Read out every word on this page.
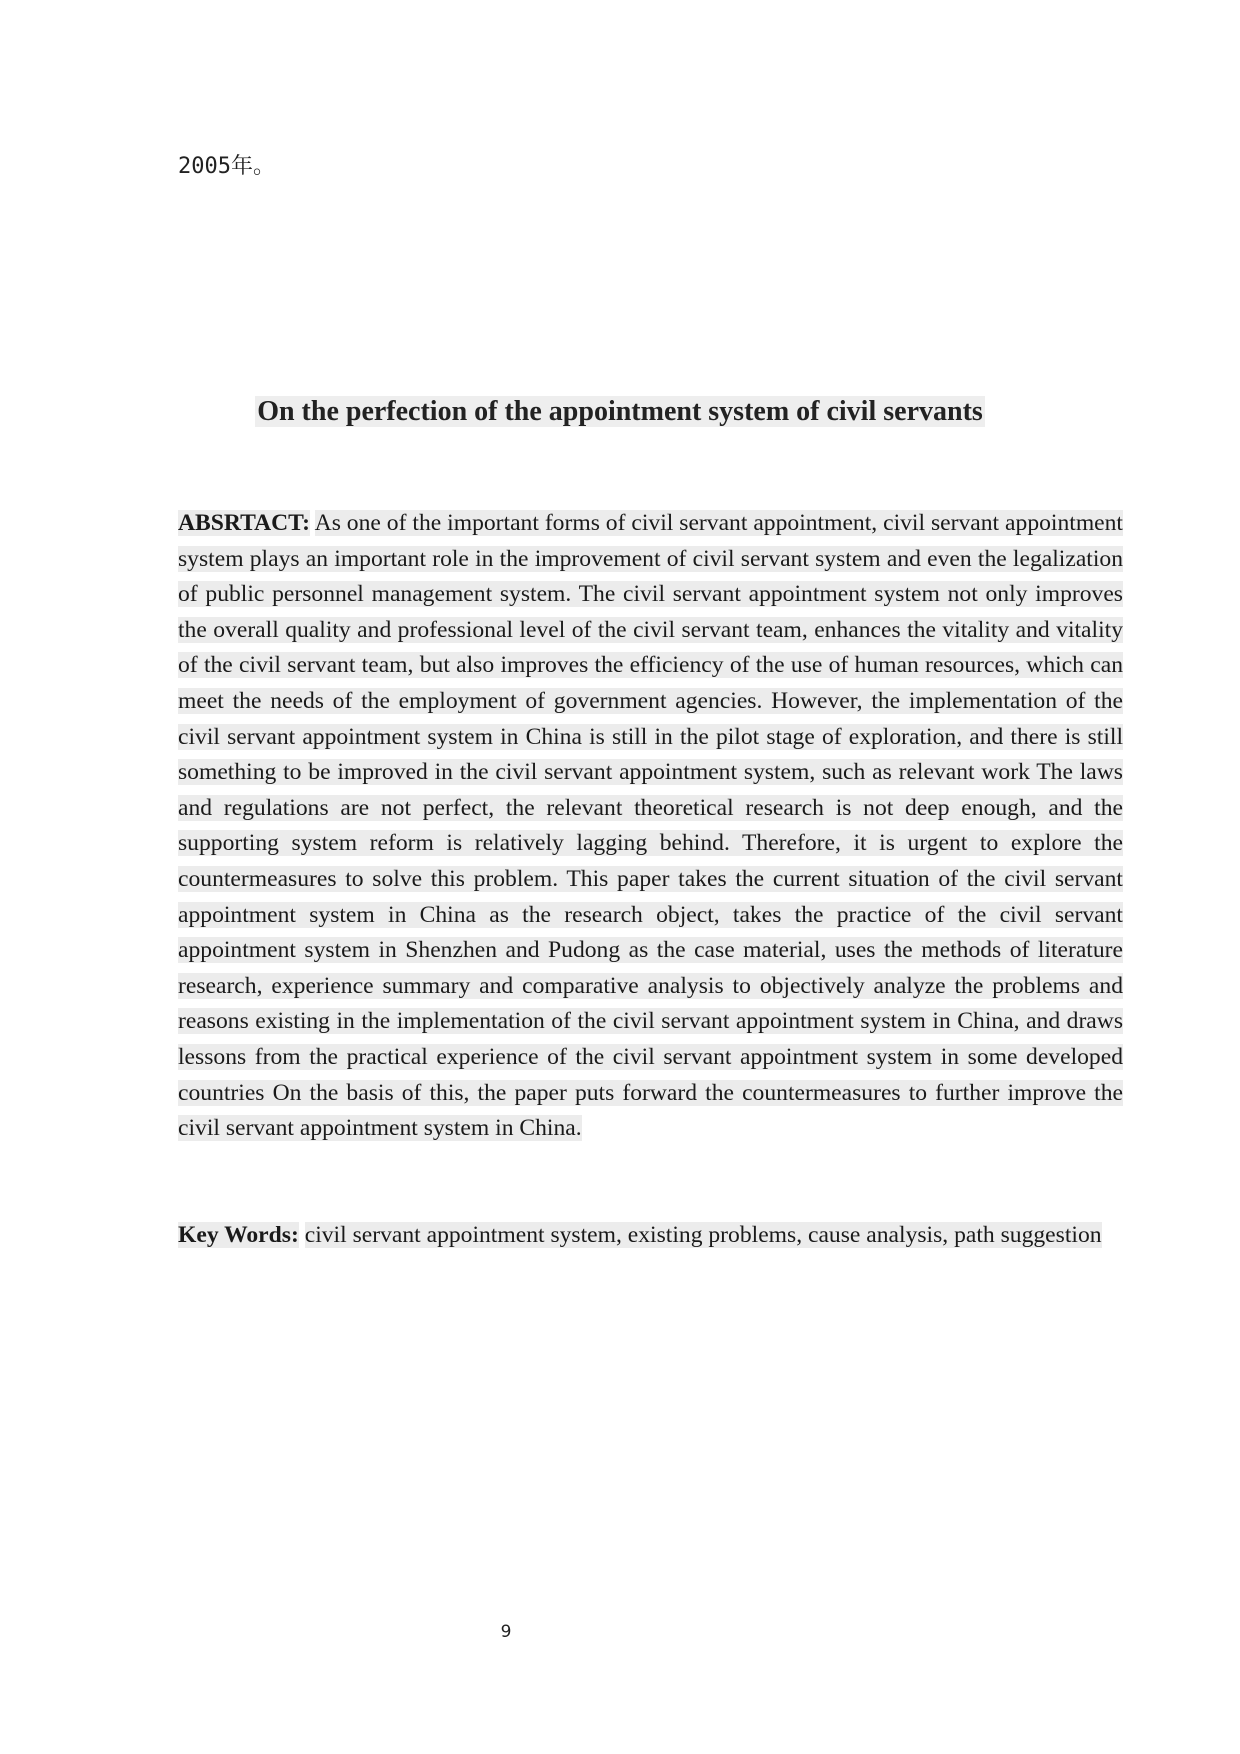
2005年。
On the perfection of the appointment system of civil servants
ABSRTACT: As one of the important forms of civil servant appointment, civil servant appointment system plays an important role in the improvement of civil servant system and even the legalization of public personnel management system. The civil servant appointment system not only improves the overall quality and professional level of the civil servant team, enhances the vitality and vitality of the civil servant team, but also improves the efficiency of the use of human resources, which can meet the needs of the employment of government agencies. However, the implementation of the civil servant appointment system in China is still in the pilot stage of exploration, and there is still something to be improved in the civil servant appointment system, such as relevant work The laws and regulations are not perfect, the relevant theoretical research is not deep enough, and the supporting system reform is relatively lagging behind. Therefore, it is urgent to explore the countermeasures to solve this problem. This paper takes the current situation of the civil servant appointment system in China as the research object, takes the practice of the civil servant appointment system in Shenzhen and Pudong as the case material, uses the methods of literature research, experience summary and comparative analysis to objectively analyze the problems and reasons existing in the implementation of the civil servant appointment system in China, and draws lessons from the practical experience of the civil servant appointment system in some developed countries On the basis of this, the paper puts forward the countermeasures to further improve the civil servant appointment system in China.
Key Words: civil servant appointment system, existing problems, cause analysis, path suggestion
9
